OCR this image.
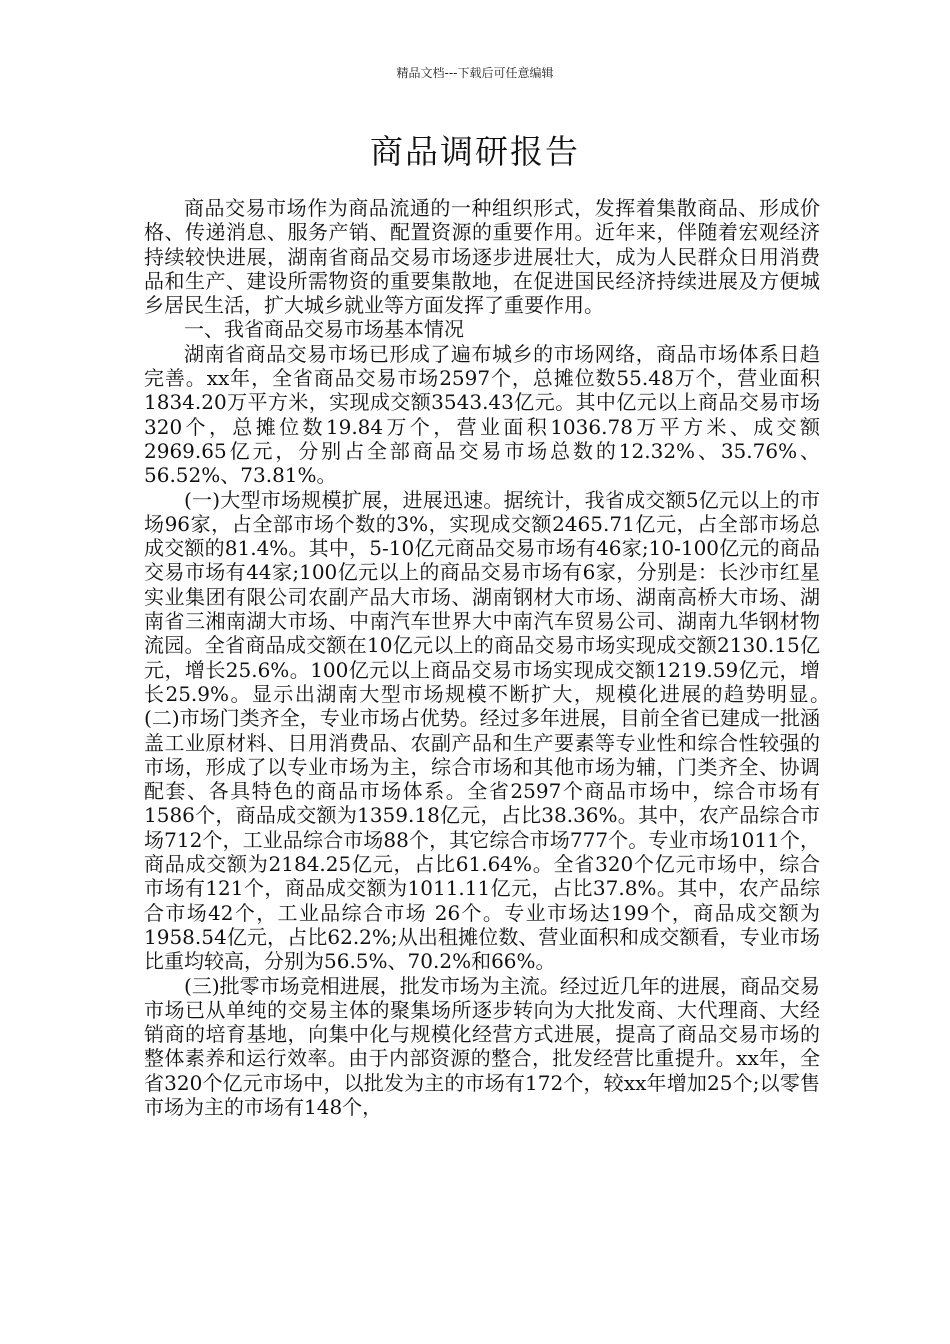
精品文档---下载后可任意编辑
商品调研报告

商品交易市场作为商品流通的一种组织形式，发挥着集散商品、形成价格、传递消息、服务产销、配置资源的重要作用。近年来，伴随着宏观经济持续较快进展，湖南省商品交易市场逐步进展壮大，成为人民群众日用消费品和生产、建设所需物资的重要集散地，在促进国民经济持续进展及方便城乡居民生活，扩大城乡就业等方面发挥了重要作用。

一、我省商品交易市场基本情况

湖南省商品交易市场已形成了遍布城乡的市场网络，商品市场体系日趋完善。xx年，全省商品交易市场2597个，总摊位数55.48万个，营业面积1834.20万平方米，实现成交额3543.43亿元。其中亿元以上商品交易市场320个，总摊位数19.84万个，营业面积1036.78万平方米、成交额2969.65亿元，分别占全部商品交易市场总数的12.32%、35.76%、56.52%、73.81%。

(一)大型市场规模扩展，进展迅速。据统计，我省成交额5亿元以上的市场96家，占全部市场个数的3%，实现成交额2465.71亿元，占全部市场总成交额的81.4%。其中，5-10亿元商品交易市场有46家;10-100亿元的商品交易市场有44家;100亿元以上的商品交易市场有6家，分别是：长沙市红星实业集团有限公司农副产品大市场、湖南钢材大市场、湖南高桥大市场、湖南省三湘南湖大市场、中南汽车世界大中南汽车贸易公司、湖南九华钢材物流园。全省商品成交额在10亿元以上的商品交易市场实现成交额2130.15亿元，增长25.6%。100亿元以上商品交易市场实现成交额1219.59亿元，增长25.9%。显示出湖南大型市场规模不断扩大，规模化进展的趋势明显。　(二)市场门类齐全，专业市场占优势。经过多年进展，目前全省已建成一批涵盖工业原材料、日用消费品、农副产品和生产要素等专业性和综合性较强的市场，形成了以专业市场为主，综合市场和其他市场为辅，门类齐全、协调配套、各具特色的商品市场体系。全省2597个商品市场中，综合市场有1586个，商品成交额为1359.18亿元，占比38.36%。其中，农产品综合市场712个，工业品综合市场88个，其它综合市场777个。专业市场1011个，商品成交额为2184.25亿元，占比61.64%。全省320个亿元市场中，综合市场有121个，商品成交额为1011.11亿元，占比37.8%。其中，农产品综合市场42个，工业品综合市场 26个。专业市场达199个，商品成交额为1958.54亿元，占比62.2%;从出租摊位数、营业面积和成交额看，专业市场比重均较高，分别为56.5%、70.2%和66%。

(三)批零市场竞相进展，批发市场为主流。经过近几年的进展，商品交易市场已从单纯的交易主体的聚集场所逐步转向为大批发商、大代理商、大经销商的培育基地，向集中化与规模化经营方式进展，提高了商品交易市场的整体素养和运行效率。由于内部资源的整合，批发经营比重提升。xx年，全省320个亿元市场中，以批发为主的市场有172个，较xx年增加25个;以零售市场为主的市场有148个，
